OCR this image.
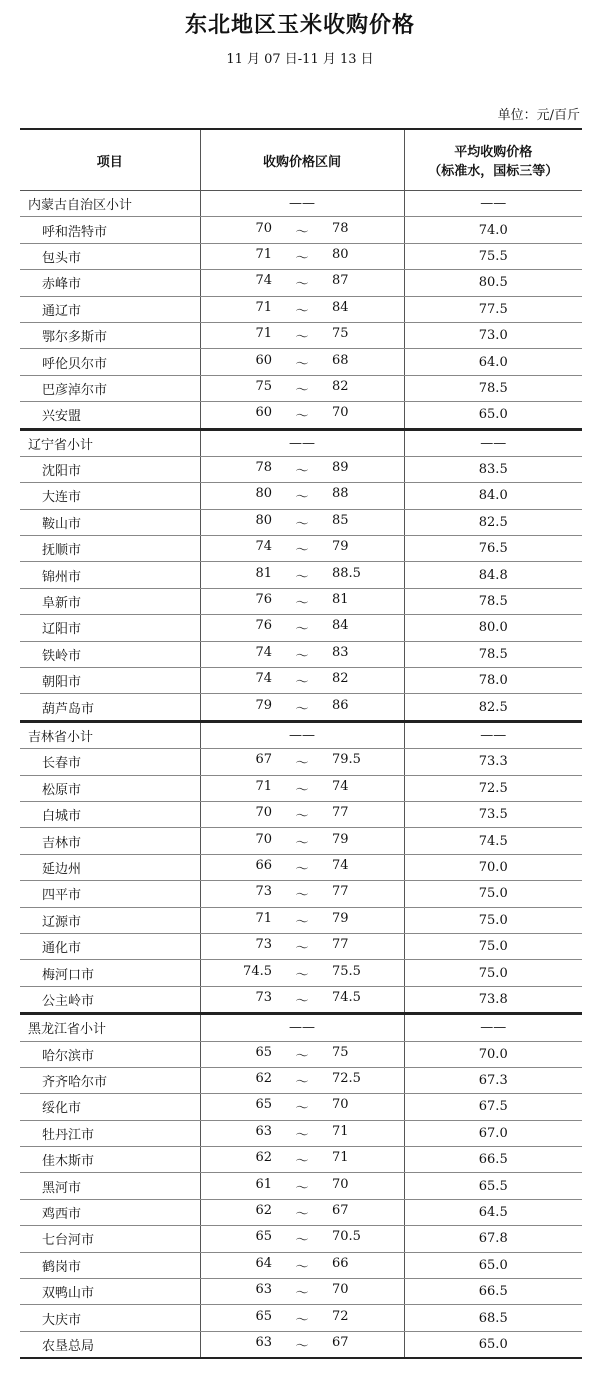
东北地区玉米收购价格
11 月 07 日-11 月 13 日
单位：元/百斤
项目	收购价格区间	平均收购价格
（标准水，国标三等）

内蒙古自治区小计	——	——
呼和浩特市	70 ～ 78	74.0
包头市	71 ～ 80	75.5
赤峰市	74 ～ 87	80.5
通辽市	71 ～ 84	77.5
鄂尔多斯市	71 ～ 75	73.0
呼伦贝尔市	60 ～ 68	64.0
巴彦淖尔市	75 ～ 82	78.5
兴安盟	60 ～ 70	65.0
辽宁省小计	——	——
沈阳市	78 ～ 89	83.5
大连市	80 ～ 88	84.0
鞍山市	80 ～ 85	82.5
抚顺市	74 ～ 79	76.5
锦州市	81 ～ 88.5	84.8
阜新市	76 ～ 81	78.5
辽阳市	76 ～ 84	80.0
铁岭市	74 ～ 83	78.5
朝阳市	74 ～ 82	78.0
葫芦岛市	79 ～ 86	82.5
吉林省小计	——	——
长春市	67 ～ 79.5	73.3
松原市	71 ～ 74	72.5
白城市	70 ～ 77	73.5
吉林市	70 ～ 79	74.5
延边州	66 ～ 74	70.0
四平市	73 ～ 77	75.0
辽源市	71 ～ 79	75.0
通化市	73 ～ 77	75.0
梅河口市	74.5 ～ 75.5	75.0
公主岭市	73 ～ 74.5	73.8
黑龙江省小计	——	——
哈尔滨市	65 ～ 75	70.0
齐齐哈尔市	62 ～ 72.5	67.3
绥化市	65 ～ 70	67.5
牡丹江市	63 ～ 71	67.0
佳木斯市	62 ～ 71	66.5
黑河市	61 ～ 70	65.5
鸡西市	62 ～ 67	64.5
七台河市	65 ～ 70.5	67.8
鹤岗市	64 ～ 66	65.0
双鸭山市	63 ～ 70	66.5
大庆市	65 ～ 72	68.5
农垦总局	63 ～ 67	65.0
